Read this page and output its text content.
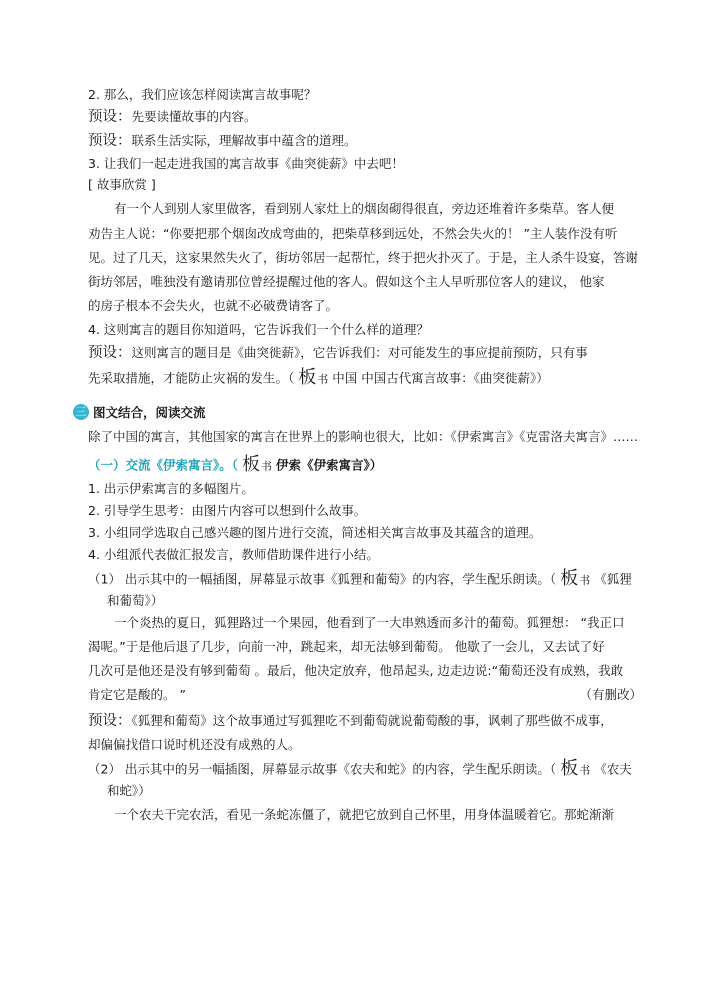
2. 那么，我们应该怎样阅读寓言故事呢？
预设：先要读懂故事的内容。
预设：联系生活实际，理解故事中蕴含的道理。
3. 让我们一起走进我国的寓言故事《曲突徙薪》中去吧！
[ 故事欣赏 ]
有一个人到别人家里做客，看到别人家灶上的烟囱砌得很直，旁边还堆着许多柴草。客人便
劝告主人说：“你要把那个烟囱改成弯曲的，把柴草移到远处，不然会失火的！ ”主人装作没有听
见。过了几天，这家果然失火了，街坊邻居一起帮忙，终于把火扑灭了。于是，主人杀牛设宴，答谢
街坊邻居，唯独没有邀请那位曾经提醒过他的客人。假如这个主人早听那位客人的建议， 他家
的房子根本不会失火，也就不必破费请客了。
4. 这则寓言的题目你知道吗，它告诉我们一个什么样的道理？
预设：这则寓言的题目是《曲突徙薪》，它告诉我们：对可能发生的事应提前预防，只有事
先采取措施，才能防止灾祸的发生。（ 板书 中国 中国古代寓言故事：《曲突徙薪》）
三 图文结合，阅读交流
除了中国的寓言，其他国家的寓言在世界上的影响也很大，比如：《伊索寓言》《克雷洛夫寓言》……
（一）交流《伊索寓言》。（ 板书 伊索《伊索寓言》）
1. 出示伊索寓言的多幅图片。
2. 引导学生思考：由图片内容可以想到什么故事。
3. 小组同学选取自己感兴趣的图片进行交流，简述相关寓言故事及其蕴含的道理。
4. 小组派代表做汇报发言，教师借助课件进行小结。
（1） 出示其中的一幅插图，屏幕显示故事《狐狸和葡萄》的内容，学生配乐朗读。（ 板书 《狐狸
和葡萄》）
一个炎热的夏日，狐狸路过一个果园，他看到了一大串熟透而多汁的葡萄。狐狸想： “我正口
渴呢。”于是他后退了几步，向前一冲，跳起来，却无法够到葡萄。 他歇了一会儿，又去试了好
几次可是他还是没有够到葡萄 。最后，他决定放弃，他昂起头, 边走边说:“葡萄还没有成熟，我敢
肯定它是酸的。 ”	（有删改）
预设：《狐狸和葡萄》这个故事通过写狐狸吃不到葡萄就说葡萄酸的事，讽刺了那些做不成事，
却偏偏找借口说时机还没有成熟的人。
（2） 出示其中的另一幅插图，屏幕显示故事《农夫和蛇》的内容，学生配乐朗读。（ 板书 《农夫
和蛇》）
一个农夫干完农活，看见一条蛇冻僵了，就把它放到自己怀里，用身体温暖着它。那蛇渐渐
